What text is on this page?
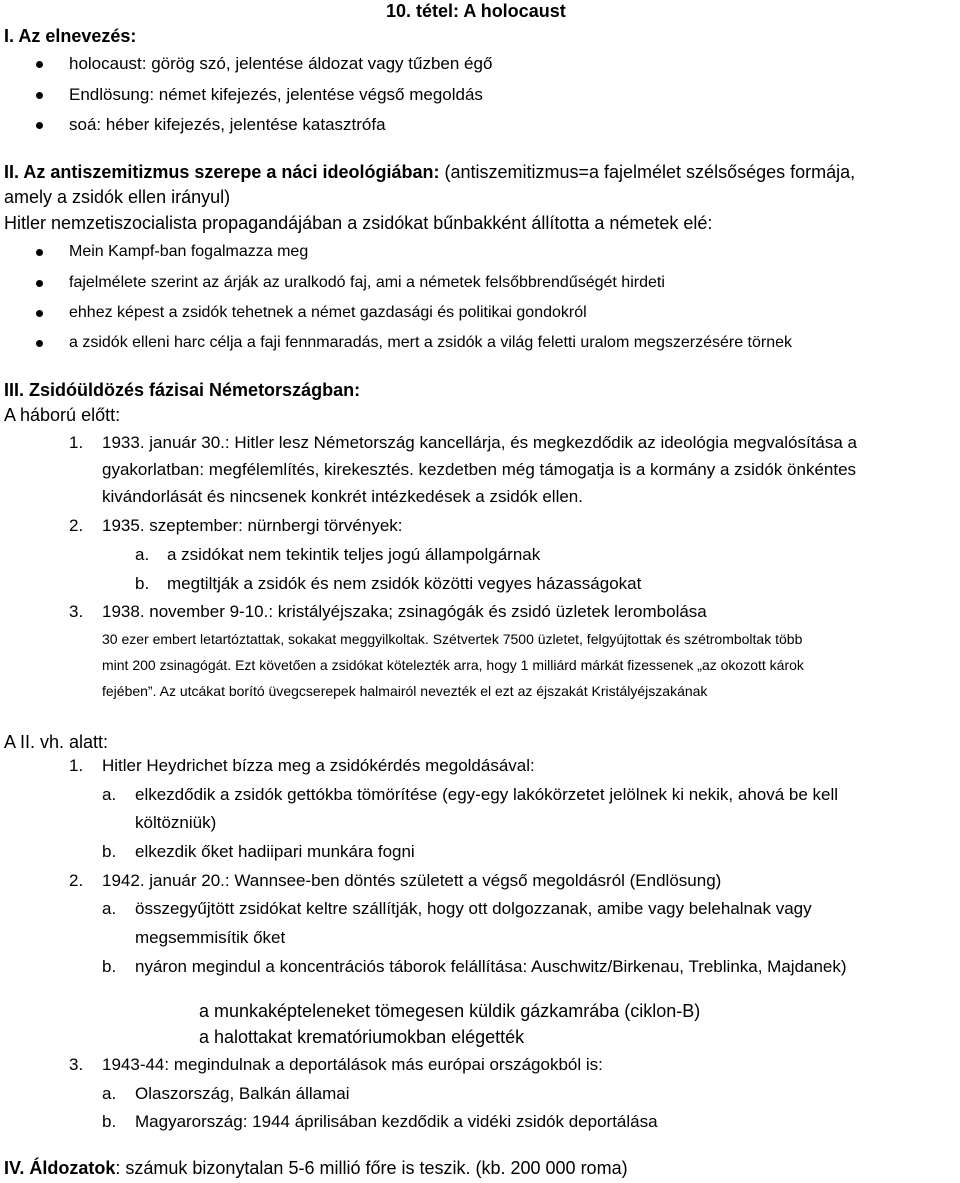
10. tétel: A holocaust
I. Az elnevezés:
holocaust: görög szó, jelentése áldozat vagy tűzben égő
Endlösung: német kifejezés, jelentése végső megoldás
soá: héber kifejezés, jelentése katasztrófa
II. Az antiszemitizmus szerepe a náci ideológiában: (antiszemitizmus=a fajelmélet szélsőséges formája,
amely a zsidók ellen irányul)
Hitler nemzetiszocialista propagandájában a zsidókat bűnbakként állította a németek elé:
Mein Kampf-ban fogalmazza meg
fajelmélete szerint az árják az uralkodó faj, ami a németek felsőbbrendűségét hirdeti
ehhez képest a zsidók tehetnek a német gazdasági és politikai gondokról
a zsidók elleni harc célja a faji fennmaradás, mert a zsidók a világ feletti uralom megszerzésére törnek
III. Zsidóüldözés fázisai Németországban:
A háború előtt:
1. 1933. január 30.: Hitler lesz Németország kancellárja, és megkezdődik az ideológia megvalósítása a
gyakorlatban: megfélemlítés, kirekesztés. kezdetben még támogatja is a kormány a zsidók önkéntes
kivándorlását és nincsenek konkrét intézkedések a zsidók ellen.
2. 1935. szeptember: nürnbergi törvények:
a. a zsidókat nem tekintik teljes jogú állampolgárnak
b. megtiltják a zsidók és nem zsidók közötti vegyes házasságokat
3. 1938. november 9-10.: kristályéjszaka; zsinagógák és zsidó üzletek lerombolása
30 ezer embert letartóztattak, sokakat meggyilkoltak. Szétvertek 7500 üzletet, felgyújtottak és szétromboltak több
mint 200 zsinagógát. Ezt követően a zsidókat kötelezték arra, hogy 1 milliárd márkát fizessenek „az okozott károk
fejében”. Az utcákat borító üvegcserepek halmairól nevezték el ezt az éjszakát Kristályéjszakának
A II. vh. alatt:
1. Hitler Heydrichet bízza meg a zsidókérdés megoldásával:
a. elkezdődik a zsidók gettókba tömörítése (egy-egy lakókörzetet jelölnek ki nekik, ahová be kell
költözniük)
b. elkezdik őket hadiipari munkára fogni
2. 1942. január 20.: Wannsee-ben döntés született a végső megoldásról (Endlösung)
a. összegyűjtött zsidókat keltre szállítják, hogy ott dolgozzanak, amibe vagy belehalnak vagy
megsemmisítik őket
b. nyáron megindul a koncentrációs táborok felállítása: Auschwitz/Birkenau, Treblinka, Majdanek)
a munkaképteleneket tömegesen küldik gázkamrába (ciklon-B)
a halottakat krematóriumokban elégették
3. 1943-44: megindulnak a deportálások más európai országokból is:
a. Olaszország, Balkán államai
b. Magyarország: 1944 áprilisában kezdődik a vidéki zsidók deportálása
IV. Áldozatok: számuk bizonytalan 5-6 millió főre is teszik. (kb. 200 000 roma)
